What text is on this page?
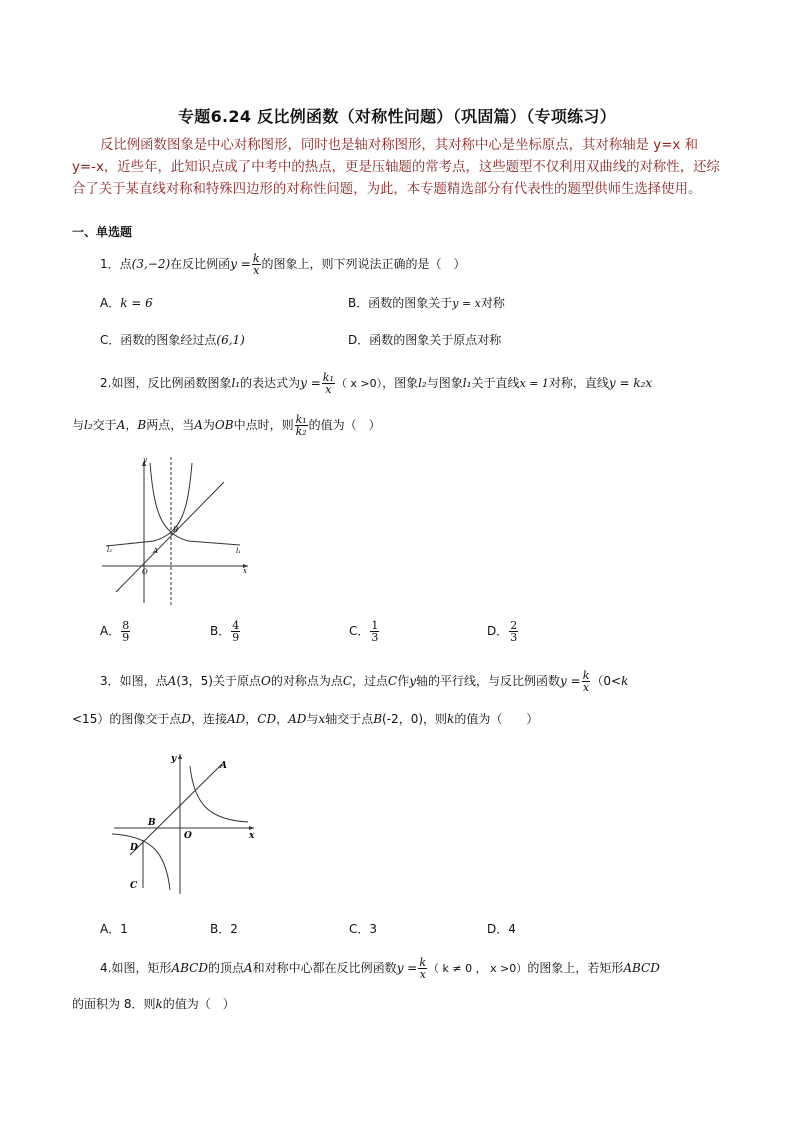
专题6.24 反比例函数（对称性问题）（巩固篇）（专项练习）
反比例函数图象是中心对称图形，同时也是轴对称图形，其对称中心是坐标原点，其对称轴是 y=x 和 y=-x，近些年，此知识点成了中考中的热点，更是压轴题的常考点，这些题型不仅利用双曲线的对称性，还综合了关于某直线对称和特殊四边形的对称性问题，为此，本专题精选部分有代表性的题型供师生选择使用。
一、单选题
1．点(3,−2)在反比例函$y = \frac{k}{x}$ 的图象上，则下列说法正确的是（　）
A．k = 6	B．函数的图象关于y = x对称
C．函数的图象经过点(6,1)	D．函数的图象关于原点对称
2.如图，反比例函数图象l₁的表达式为$y = \frac{\text{k₁}}{x}$ （ x >0），图象l₂与图象l₁关于直线x = 1对称，直线y = k₂x
与l₂交于A，B两点，当A为OB中点时，则 $\frac{\text{k₁}}{\text{k₂}}$ 的值为（　）
y
x
O
A
B
l₁
l₂
A． $\frac{8}{9}$	B． $\frac{4}{9}$	C． $\frac{1}{3}$	D． $\frac{2}{3}$
3．如图，点A(3，5)关于原点O的对称点为点C，过点C作y轴的平行线，与反比例函数$y = \frac{k}{x} (0<k$
<15）的图像交于点D，连接AD，CD，AD与x轴交于点B(-2，0)，则k的值为（　　）
y
x
A
B
O
D
C
A．1	B．2	C．3	D．4
4.如图，矩形ABCD的顶点A和对称中心都在反比例函数$y = \frac{k}{x}$ （ k ≠ 0 ， x >0）的图象上，若矩形ABCD
的面积为 8．则k的值为（　）
